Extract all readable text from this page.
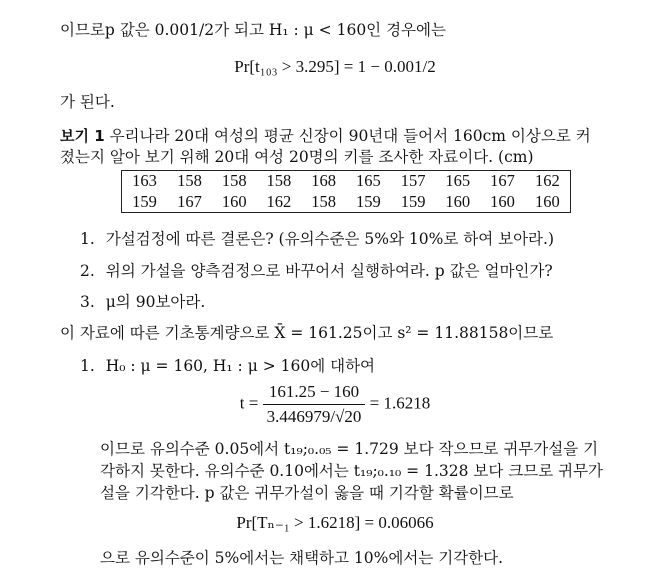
이므로p 값은 0.001/2가 되고 H₁ : μ < 160인 경우에는
Pr[t₁₀₃ > 3.295] = 1 − 0.001/2
가 된다.
보기 1 우리나라 20대 여성의 평균 신장이 90년대 들어서 160cm 이상으로 커
졌는지 알아 보기 위해 20대 여성 20명의 키를 조사한 자료이다. (cm)
163	158	158	158	168	165	157	165	167	162
159	167	160	162	158	159	159	160	160	160
1. 가설검정에 따른 결론은? (유의수준은 5%와 10%로 하여 보아라.)
2. 위의 가설을 양측검정으로 바꾸어서 실행하여라. p 값은 얼마인가?
3. μ의 90보아라.
이 자료에 따른 기초통계량으로 X̄ = 161.25이고 s² = 11.88158이므로
1. H₀ : μ = 160, H₁ : μ > 160에 대하여
$t = \frac{161.25 - 160}{3.446979/√20} = 1.6218$
이므로 유의수준 0.05에서 t₁₉;₀.₀₅ = 1.729 보다 작으므로 귀무가설을 기
각하지 못한다. 유의수준 0.10에서는 t₁₉;₀.₁₀ = 1.328 보다 크므로 귀무가
설을 기각한다. p 값은 귀무가설이 옳을 때 기각할 확률이므로
Pr[Tₙ₋₁ > 1.6218] = 0.06066
으로 유의수준이 5%에서는 채택하고 10%에서는 기각한다.
